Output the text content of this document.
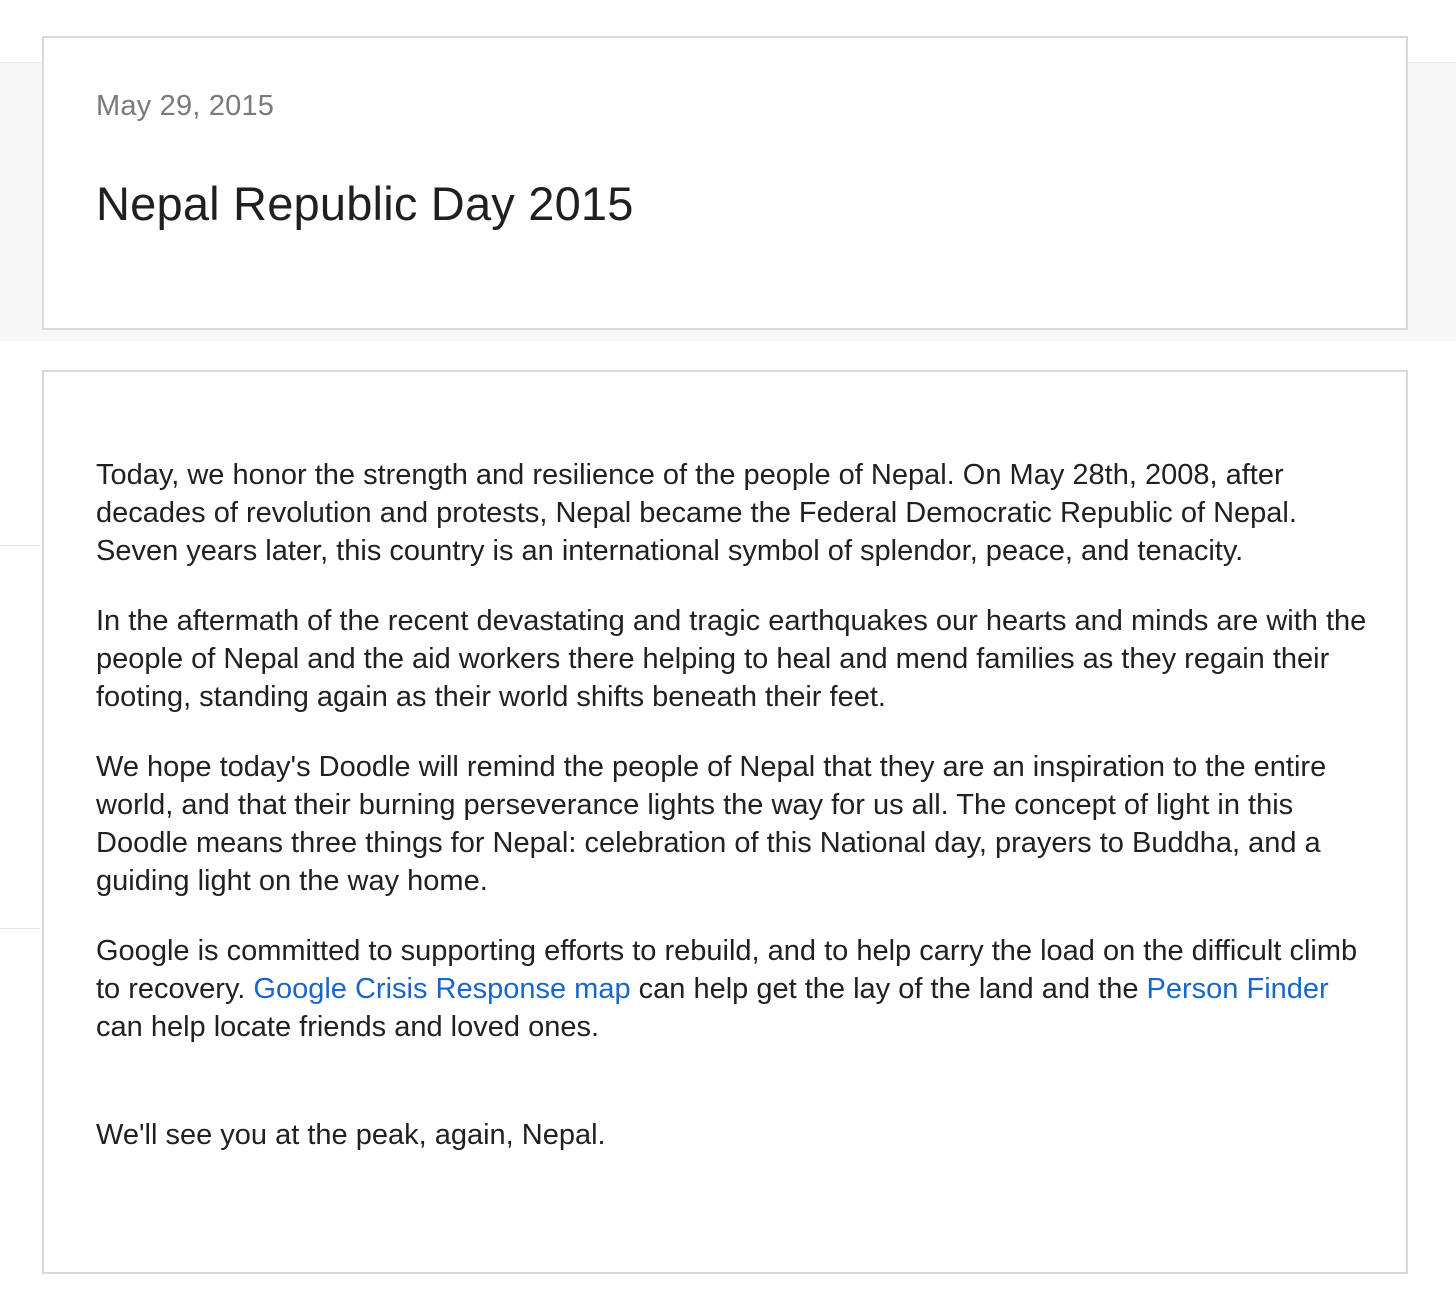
May 29, 2015
Nepal Republic Day 2015

Today, we honor the strength and resilience of the people of Nepal. On May 28th, 2008, after decades of revolution and protests, Nepal became the Federal Democratic Republic of Nepal. Seven years later, this country is an international symbol of splendor, peace, and tenacity.

In the aftermath of the recent devastating and tragic earthquakes our hearts and minds are with the people of Nepal and the aid workers there helping to heal and mend families as they regain their footing, standing again as their world shifts beneath their feet.

We hope today's Doodle will remind the people of Nepal that they are an inspiration to the entire world, and that their burning perseverance lights the way for us all. The concept of light in this Doodle means three things for Nepal: celebration of this National day, prayers to Buddha, and a guiding light on the way home.

Google is committed to supporting efforts to rebuild, and to help carry the load on the difficult climb to recovery. Google Crisis Response map can help get the lay of the land and the Person Finder can help locate friends and loved ones.

We'll see you at the peak, again, Nepal.
